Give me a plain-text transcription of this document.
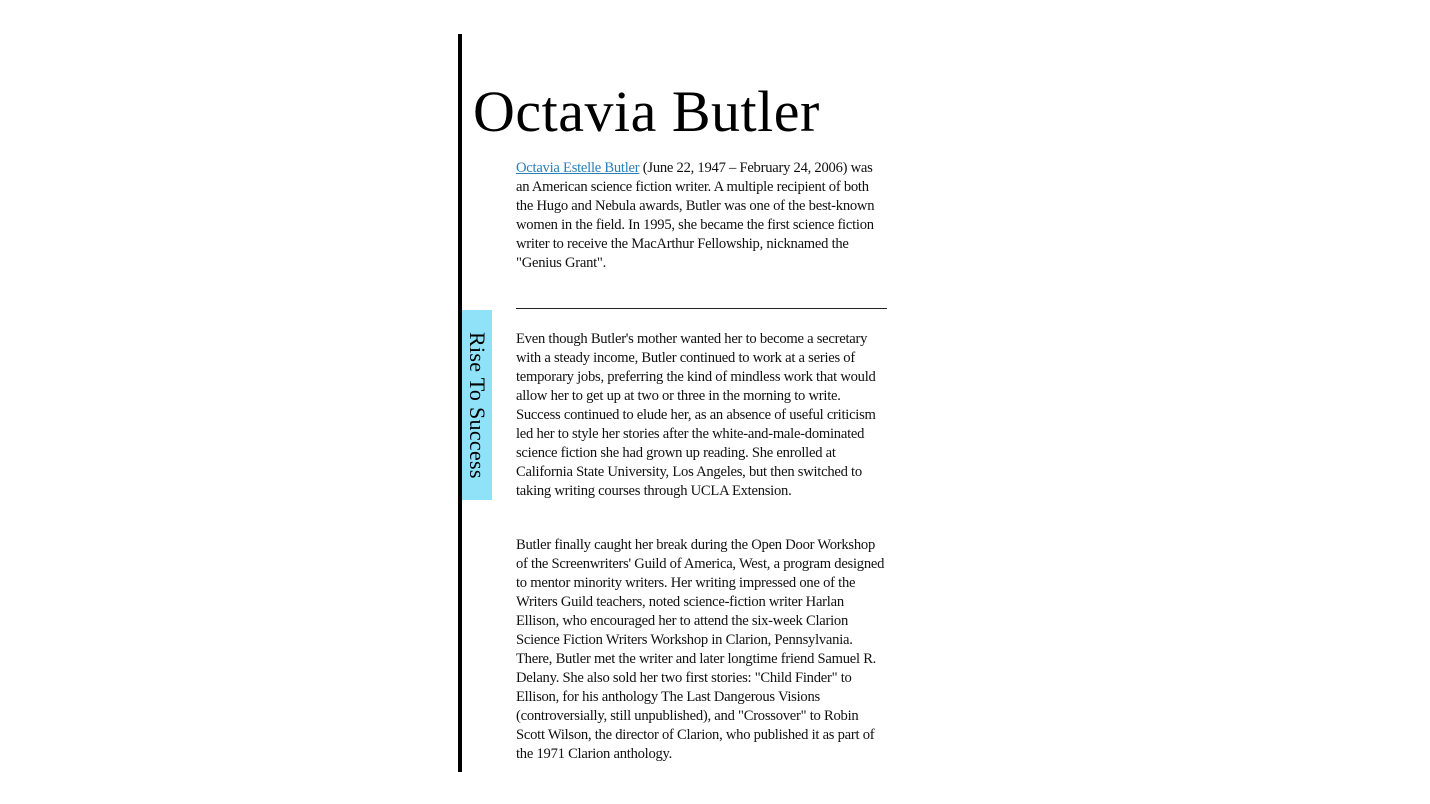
Octavia Butler

Octavia Estelle Butler (June 22, 1947 – February 24, 2006) was an American science fiction writer. A multiple recipient of both the Hugo and Nebula awards, Butler was one of the best-known women in the field. In 1995, she became the first science fiction writer to receive the MacArthur Fellowship, nicknamed the "Genius Grant".

Rise To Success Even though Butler's mother wanted her to become a secretary with a steady income, Butler continued to work at a series of temporary jobs, preferring the kind of mindless work that would allow her to get up at two or three in the morning to write. Success continued to elude her, as an absence of useful criticism led her to style her stories after the white-and-male-dominated science fiction she had grown up reading. She enrolled at California State University, Los Angeles, but then switched to taking writing courses through UCLA Extension.

Butler finally caught her break during the Open Door Workshop of the Screenwriters' Guild of America, West, a program designed to mentor minority writers. Her writing impressed one of the Writers Guild teachers, noted science-fiction writer Harlan Ellison, who encouraged her to attend the six-week Clarion Science Fiction Writers Workshop in Clarion, Pennsylvania. There, Butler met the writer and later longtime friend Samuel R. Delany. She also sold her two first stories: "Child Finder" to Ellison, for his anthology The Last Dangerous Visions (controversially, still unpublished), and "Crossover" to Robin Scott Wilson, the director of Clarion, who published it as part of the 1971 Clarion anthology.
